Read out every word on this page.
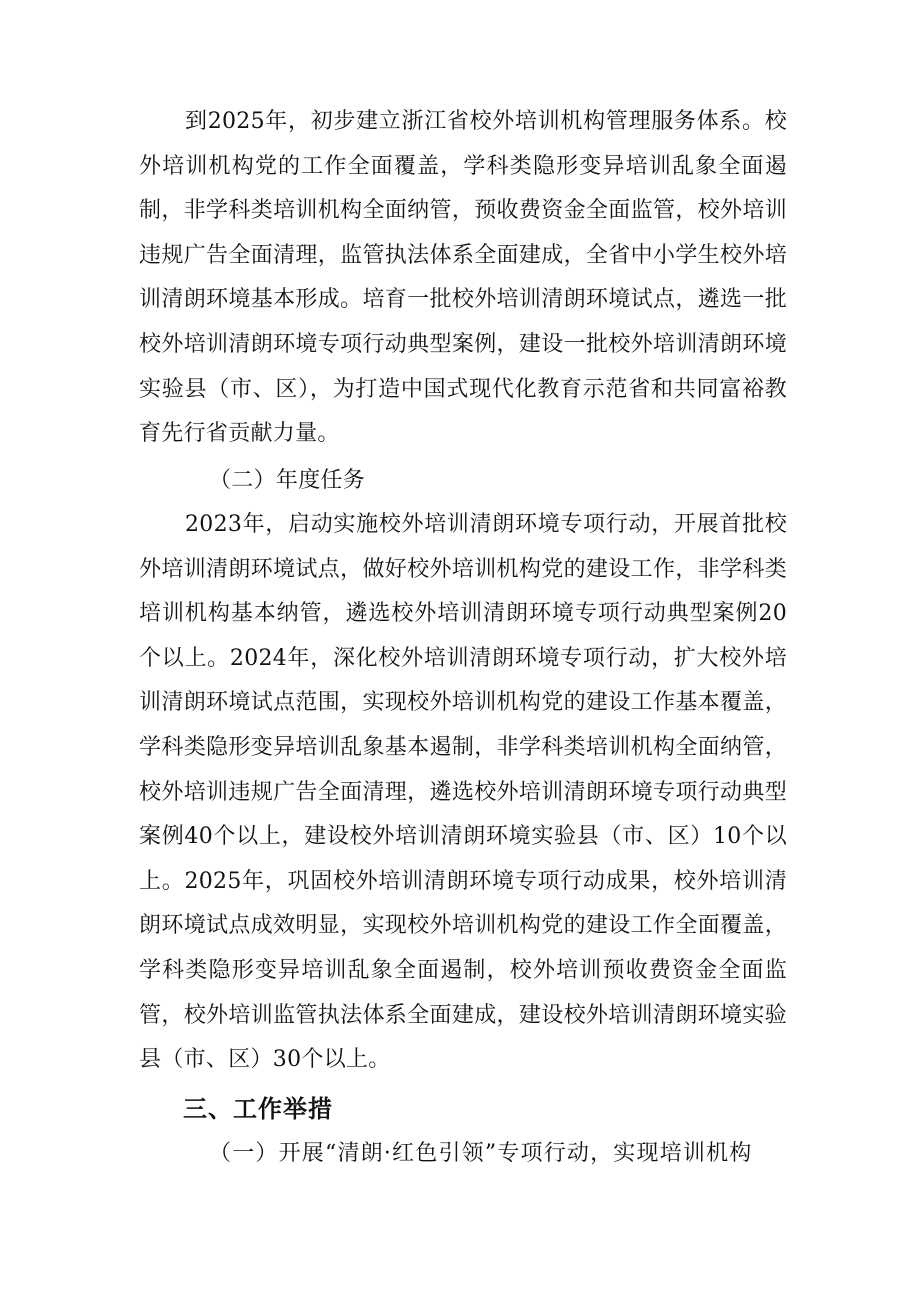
到2025年，初步建立浙江省校外培训机构管理服务体系。校外培训机构党的工作全面覆盖，学科类隐形变异培训乱象全面遏制，非学科类培训机构全面纳管，预收费资金全面监管，校外培训违规广告全面清理，监管执法体系全面建成，全省中小学生校外培训清朗环境基本形成。培育一批校外培训清朗环境试点，遴选一批校外培训清朗环境专项行动典型案例，建设一批校外培训清朗环境实验县（市、区），为打造中国式现代化教育示范省和共同富裕教育先行省贡献力量。

（二）年度任务

2023年，启动实施校外培训清朗环境专项行动，开展首批校外培训清朗环境试点，做好校外培训机构党的建设工作，非学科类培训机构基本纳管，遴选校外培训清朗环境专项行动典型案例20个以上。2024年，深化校外培训清朗环境专项行动，扩大校外培训清朗环境试点范围，实现校外培训机构党的建设工作基本覆盖，学科类隐形变异培训乱象基本遏制，非学科类培训机构全面纳管，校外培训违规广告全面清理，遴选校外培训清朗环境专项行动典型案例40个以上，建设校外培训清朗环境实验县（市、区）10个以上。2025年，巩固校外培训清朗环境专项行动成果，校外培训清朗环境试点成效明显，实现校外培训机构党的建设工作全面覆盖，学科类隐形变异培训乱象全面遏制，校外培训预收费资金全面监管，校外培训监管执法体系全面建成，建设校外培训清朗环境实验县（市、区）30个以上。

三、工作举措

（一）开展“清朗·红色引领”专项行动，实现培训机构
